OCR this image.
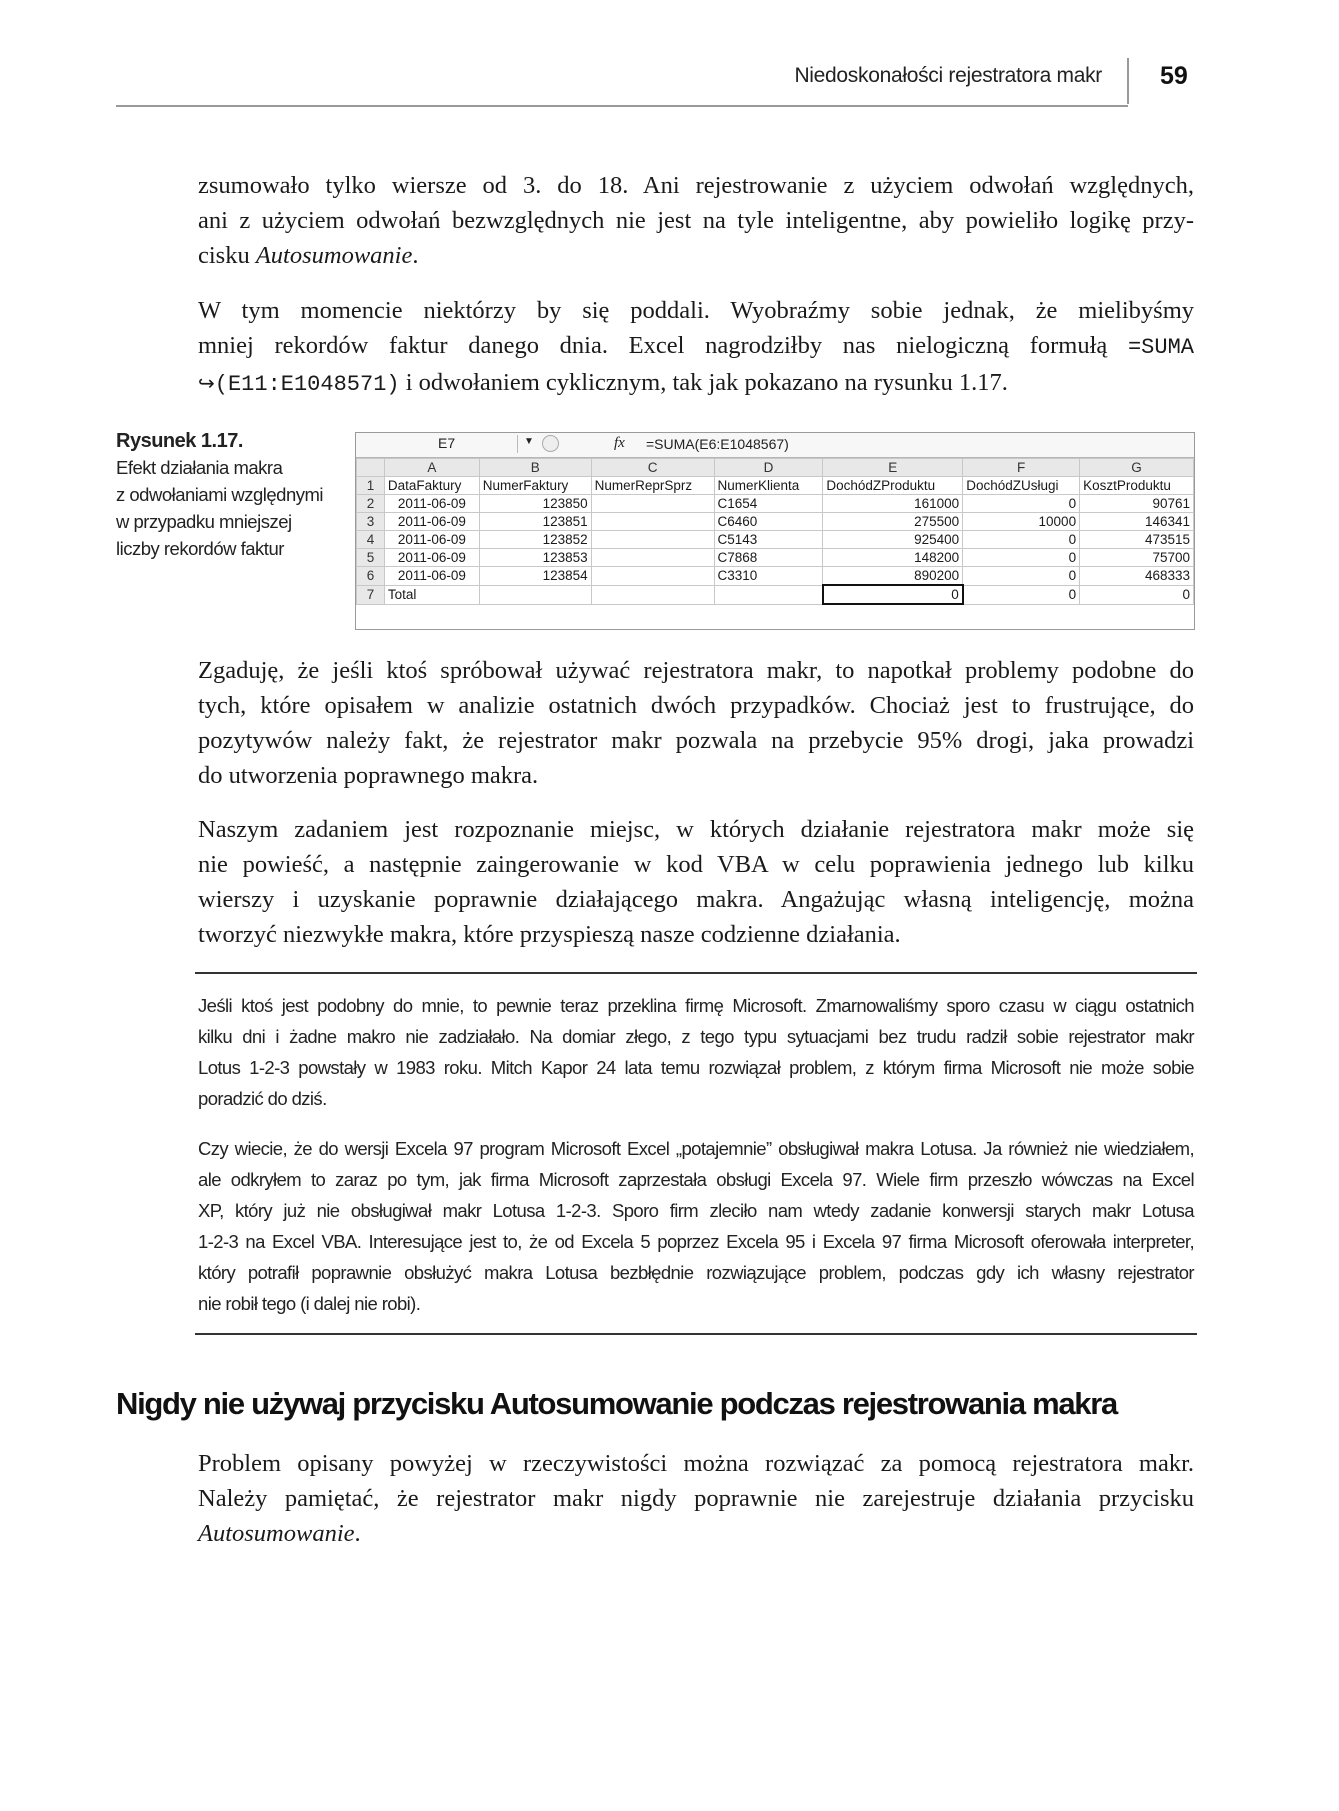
Niedoskonałości rejestratora makr 59

zsumowało tylko wiersze od 3. do 18. Ani rejestrowanie z użyciem odwołań względnych,
ani z użyciem odwołań bezwzględnych nie jest na tyle inteligentne, aby powieliło logikę przy-
cisku Autosumowanie.

W tym momencie niektórzy by się poddali. Wyobraźmy sobie jednak, że mielibyśmy
mniej rekordów faktur danego dnia. Excel nagrodziłby nas nielogiczną formułą =SUMA
↪(E11:E1048571) i odwołaniem cyklicznym, tak jak pokazano na rysunku 1.17.

Rysunek 1.17.
Efekt działania makra
z odwołaniami względnymi
w przypadku mniejszej
liczby rekordów faktur
E7	▼	fx =SUMA(E6:E1048567)
	A	B	C	D	E	F	G
1	DataFaktury	NumerFaktury	NumerReprSprz	NumerKlienta	DochódZProduktu	DochódZUsługi	KosztProduktu
2	2011-06-09	123850		C1654	161000	0	90761
3	2011-06-09	123851		C6460	275500	10000	146341
4	2011-06-09	123852		C5143	925400	0	473515
5	2011-06-09	123853		C7868	148200	0	75700
6	2011-06-09	123854		C3310	890200	0	468333
7	Total				0	0	0

Zgaduję, że jeśli ktoś spróbował używać rejestratora makr, to napotkał problemy podobne do
tych, które opisałem w analizie ostatnich dwóch przypadków. Chociaż jest to frustrujące, do
pozytywów należy fakt, że rejestrator makr pozwala na przebycie 95% drogi, jaka prowadzi
do utworzenia poprawnego makra.

Naszym zadaniem jest rozpoznanie miejsc, w których działanie rejestratora makr może się
nie powieść, a następnie zaingerowanie w kod VBA w celu poprawienia jednego lub kilku
wierszy i uzyskanie poprawnie działającego makra. Angażując własną inteligencję, można
tworzyć niezwykłe makra, które przyspieszą nasze codzienne działania.

Jeśli ktoś jest podobny do mnie, to pewnie teraz przeklina firmę Microsoft. Zmarnowaliśmy sporo czasu w ciągu ostatnich
kilku dni i żadne makro nie zadziałało. Na domiar złego, z tego typu sytuacjami bez trudu radził sobie rejestrator makr
Lotus 1-2-3 powstały w 1983 roku. Mitch Kapor 24 lata temu rozwiązał problem, z którym firma Microsoft nie może sobie
poradzić do dziś.

Czy wiecie, że do wersji Excela 97 program Microsoft Excel „potajemnie” obsługiwał makra Lotusa. Ja również nie wiedziałem,
ale odkryłem to zaraz po tym, jak firma Microsoft zaprzestała obsługi Excela 97. Wiele firm przeszło wówczas na Excel
XP, który już nie obsługiwał makr Lotusa 1-2-3. Sporo firm zleciło nam wtedy zadanie konwersji starych makr Lotusa
1-2-3 na Excel VBA. Interesujące jest to, że od Excela 5 poprzez Excela 95 i Excela 97 firma Microsoft oferowała interpreter,
który potrafił poprawnie obsłużyć makra Lotusa bezbłędnie rozwiązujące problem, podczas gdy ich własny rejestrator
nie robił tego (i dalej nie robi).

Nigdy nie używaj przycisku Autosumowanie podczas rejestrowania makra

Problem opisany powyżej w rzeczywistości można rozwiązać za pomocą rejestratora makr.
Należy pamiętać, że rejestrator makr nigdy poprawnie nie zarejestruje działania przycisku
Autosumowanie.
